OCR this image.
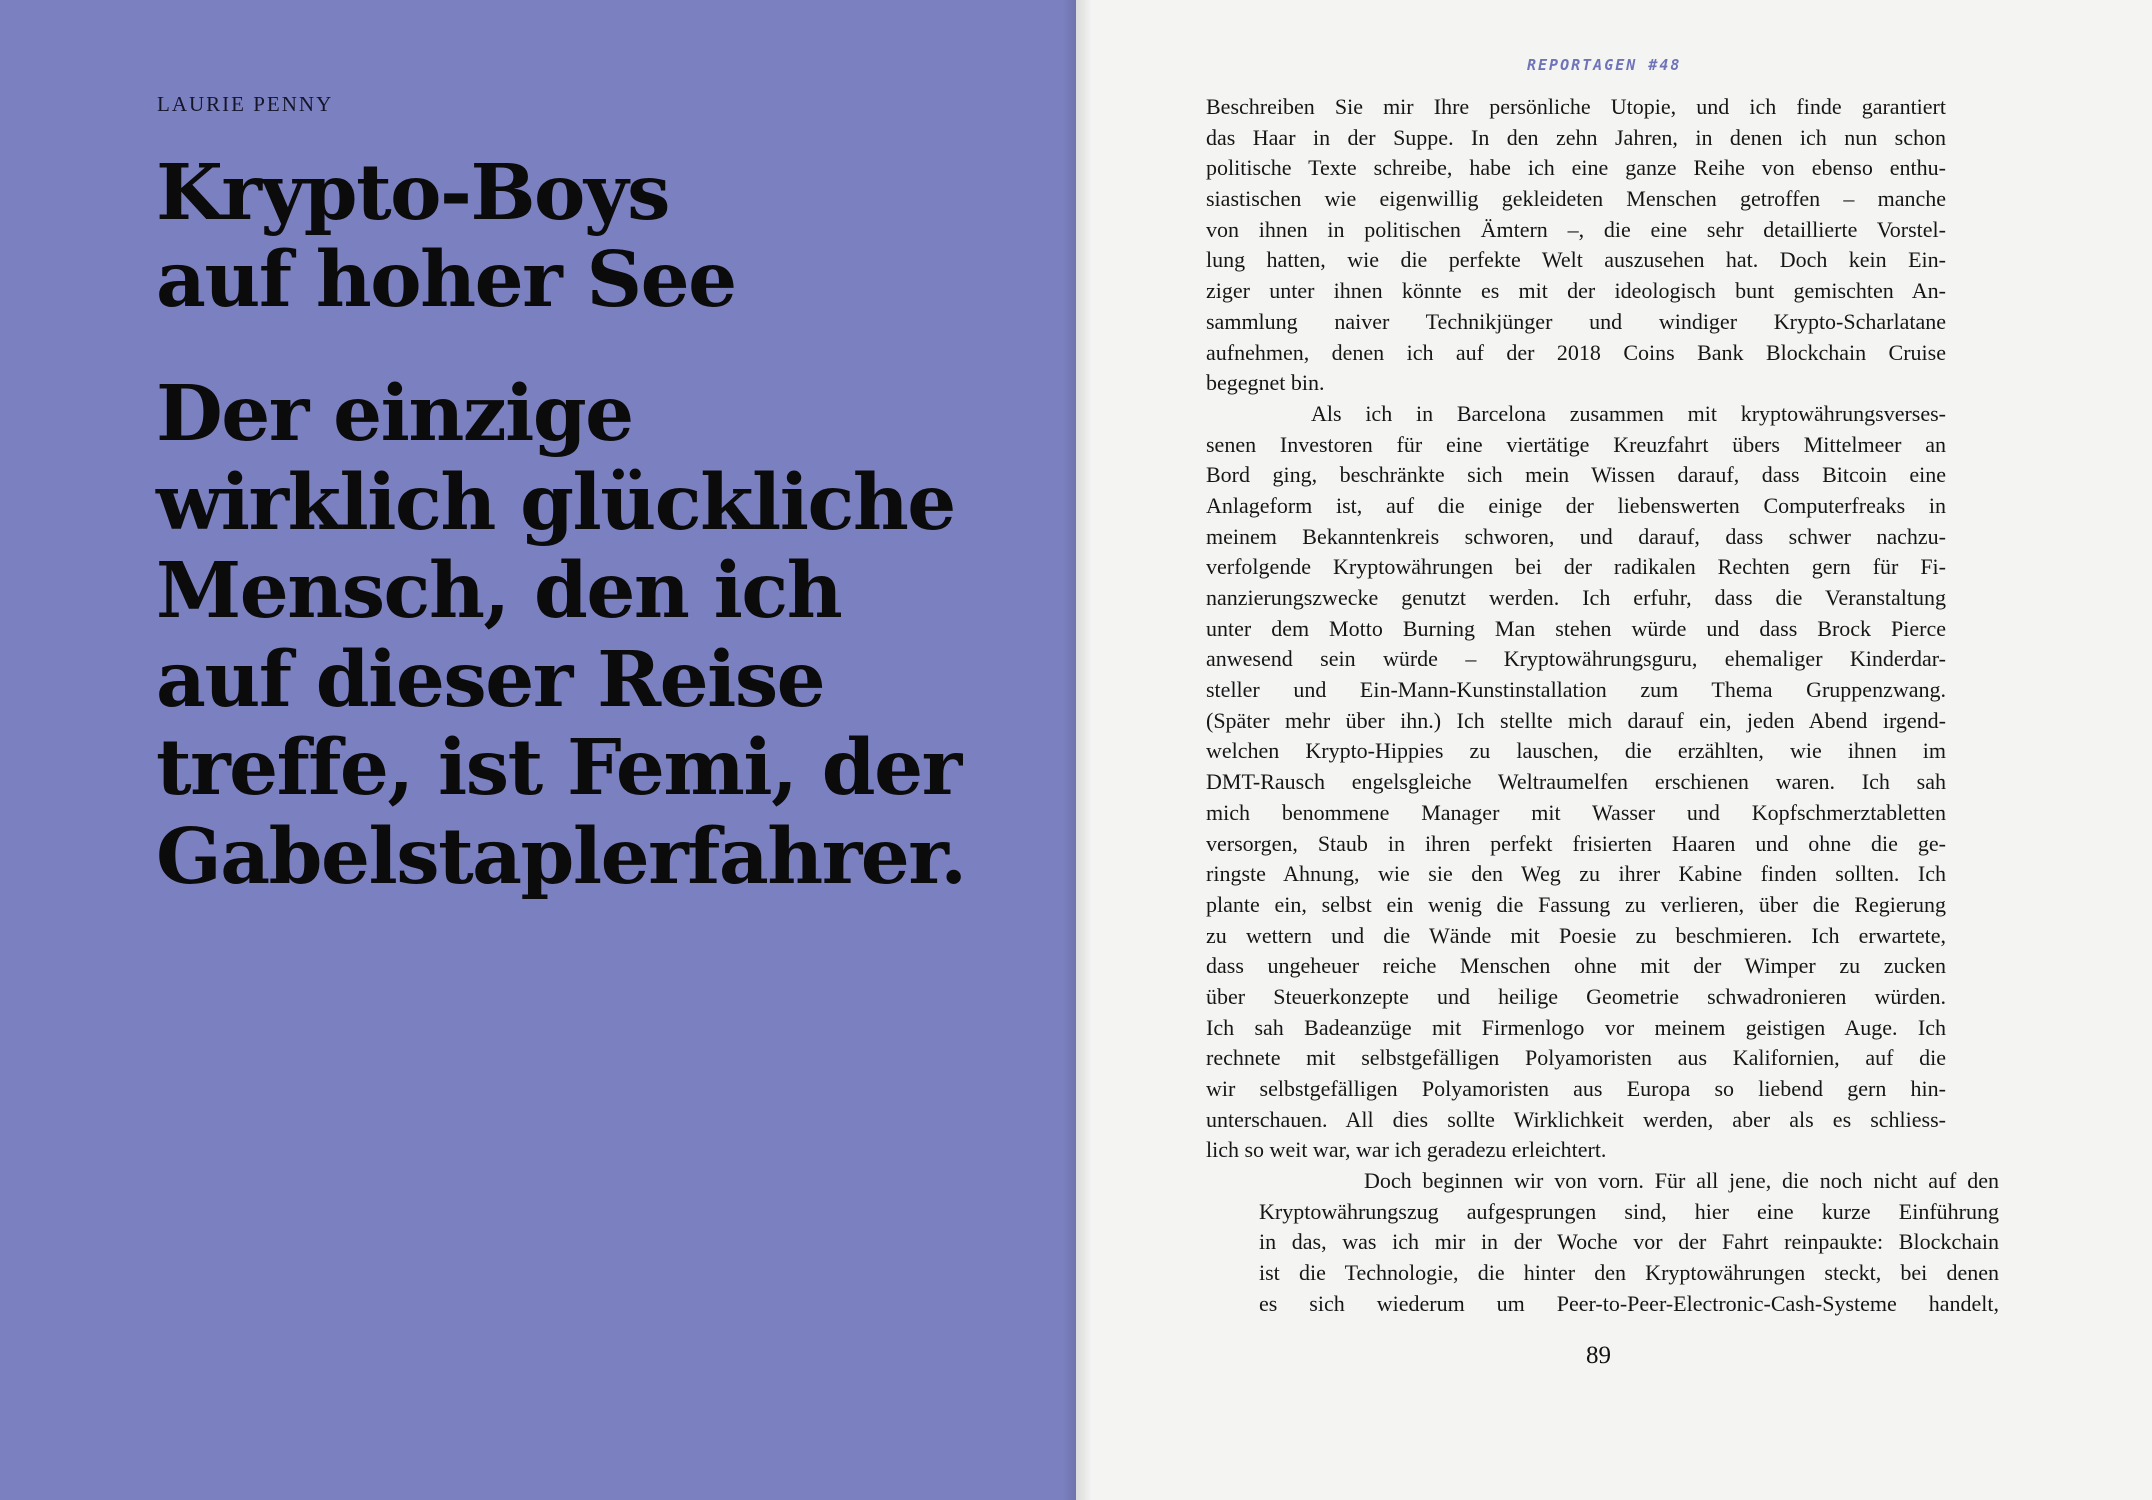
LAURIE PENNY

Krypto-Boys
auf hoher See
Der einzige
wirklich glückliche
Mensch, den ich
auf dieser Reise
treffe, ist Femi, der
Gabelstaplerfahrer.

REPORTAGEN #48

Beschreiben Sie mir Ihre persönliche Utopie, und ich finde garantiert
das Haar in der Suppe. In den zehn Jahren, in denen ich nun schon
politische Texte schreibe, habe ich eine ganze Reihe von ebenso enthu-
siastischen wie eigenwillig gekleideten Menschen getroffen – manche
von ihnen in politischen Ämtern –, die eine sehr detaillierte Vorstel-
lung hatten, wie die perfekte Welt auszusehen hat. Doch kein Ein-
ziger unter ihnen könnte es mit der ideologisch bunt gemischten An-
sammlung naiver Technikjünger und windiger Krypto-Scharlatane
aufnehmen, denen ich auf der 2018 Coins Bank Blockchain Cruise
begegnet bin.
Als ich in Barcelona zusammen mit kryptowährungsverses-
senen Investoren für eine viertätige Kreuzfahrt übers Mittelmeer an
Bord ging, beschränkte sich mein Wissen darauf, dass Bitcoin eine
Anlageform ist, auf die einige der liebenswerten Computerfreaks in
meinem Bekanntenkreis schworen, und darauf, dass schwer nachzu-
verfolgende Kryptowährungen bei der radikalen Rechten gern für Fi-
nanzierungszwecke genutzt werden. Ich erfuhr, dass die Veranstaltung
unter dem Motto Burning Man stehen würde und dass Brock Pierce
anwesend sein würde – Kryptowährungsguru, ehemaliger Kinderdar-
steller und Ein-Mann-Kunstinstallation zum Thema Gruppenzwang.
(Später mehr über ihn.) Ich stellte mich darauf ein, jeden Abend irgend-
welchen Krypto-Hippies zu lauschen, die erzählten, wie ihnen im
DMT-Rausch engelsgleiche Weltraumelfen erschienen waren. Ich sah
mich benommene Manager mit Wasser und Kopfschmerztabletten
versorgen, Staub in ihren perfekt frisierten Haaren und ohne die ge-
ringste Ahnung, wie sie den Weg zu ihrer Kabine finden sollten. Ich
plante ein, selbst ein wenig die Fassung zu verlieren, über die Regierung
zu wettern und die Wände mit Poesie zu beschmieren. Ich erwartete,
dass ungeheuer reiche Menschen ohne mit der Wimper zu zucken
über Steuerkonzepte und heilige Geometrie schwadronieren würden.
Ich sah Badeanzüge mit Firmenlogo vor meinem geistigen Auge. Ich
rechnete mit selbstgefälligen Polyamoristen aus Kalifornien, auf die
wir selbstgefälligen Polyamoristen aus Europa so liebend gern hin-
unterschauen. All dies sollte Wirklichkeit werden, aber als es schliess-
lich so weit war, war ich geradezu erleichtert.
Doch beginnen wir von vorn. Für all jene, die noch nicht auf den
Kryptowährungszug aufgesprungen sind, hier eine kurze Einführung
in das, was ich mir in der Woche vor der Fahrt reinpaukte: Blockchain
ist die Technologie, die hinter den Kryptowährungen steckt, bei denen
es sich wiederum um Peer-to-Peer-Electronic-Cash-Systeme handelt,

89
